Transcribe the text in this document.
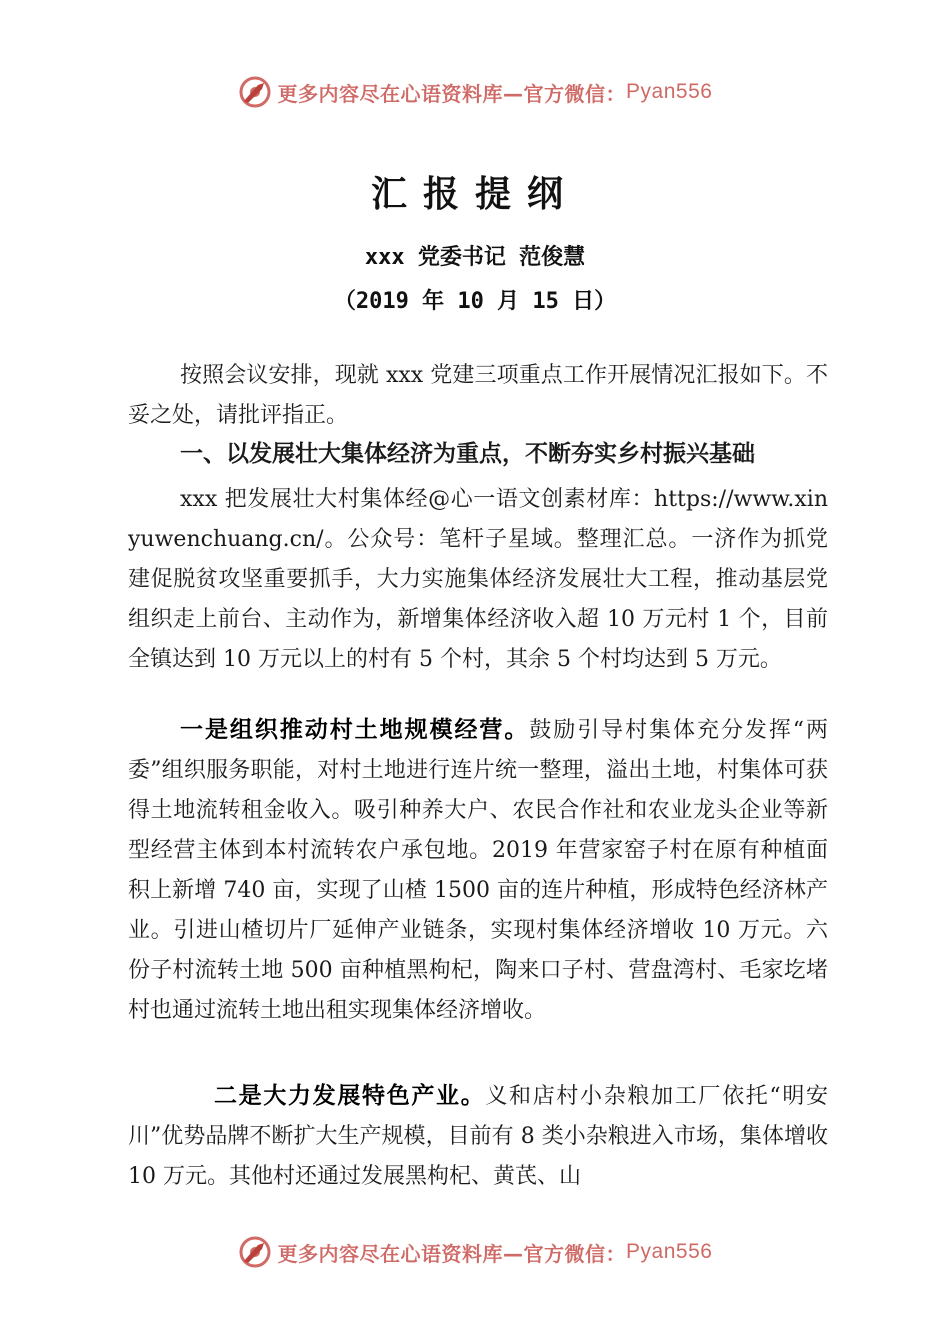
更多内容尽在心语资料库—官方微信： Pyan556
汇报提纲
xxx 党委书记 范俊慧
（2019 年 10 月 15 日）

按照会议安排，现就 xxx 党建三项重点工作开展情况汇报如下。不妥之处，请批评指正。

一、以发展壮大集体经济为重点，不断夯实乡村振兴基础

xxx 把发展壮大村集体经@心一语文创素材库：https://www.xinyuwenchuang.cn/。公众号：笔杆子星域。整理汇总。一济作为抓党建促脱贫攻坚重要抓手，大力实施集体经济发展壮大工程，推动基层党组织走上前台、主动作为，新增集体经济收入超 10 万元村 1 个，目前全镇达到 10 万元以上的村有 5 个村，其余 5 个村均达到 5 万元。

一是组织推动村土地规模经营。鼓励引导村集体充分发挥“两委”组织服务职能，对村土地进行连片统一整理，溢出土地，村集体可获得土地流转租金收入。吸引种养大户、农民合作社和农业龙头企业等新型经营主体到本村流转农户承包地。2019 年营家窑子村在原有种植面积上新增 740 亩，实现了山楂 1500 亩的连片种植，形成特色经济林产业。引进山楂切片厂延伸产业链条，实现村集体经济增收 10 万元。六份子村流转土地 500 亩种植黑枸杞，陶来口子村、营盘湾村、毛家圪堵村也通过流转土地出租实现集体经济增收。

二是大力发展特色产业。义和店村小杂粮加工厂依托“明安川”优势品牌不断扩大生产规模，目前有 8 类小杂粮进入市场，集体增收 10 万元。其他村还通过发展黑枸杞、黄芪、山

更多内容尽在心语资料库—官方微信： Pyan556
